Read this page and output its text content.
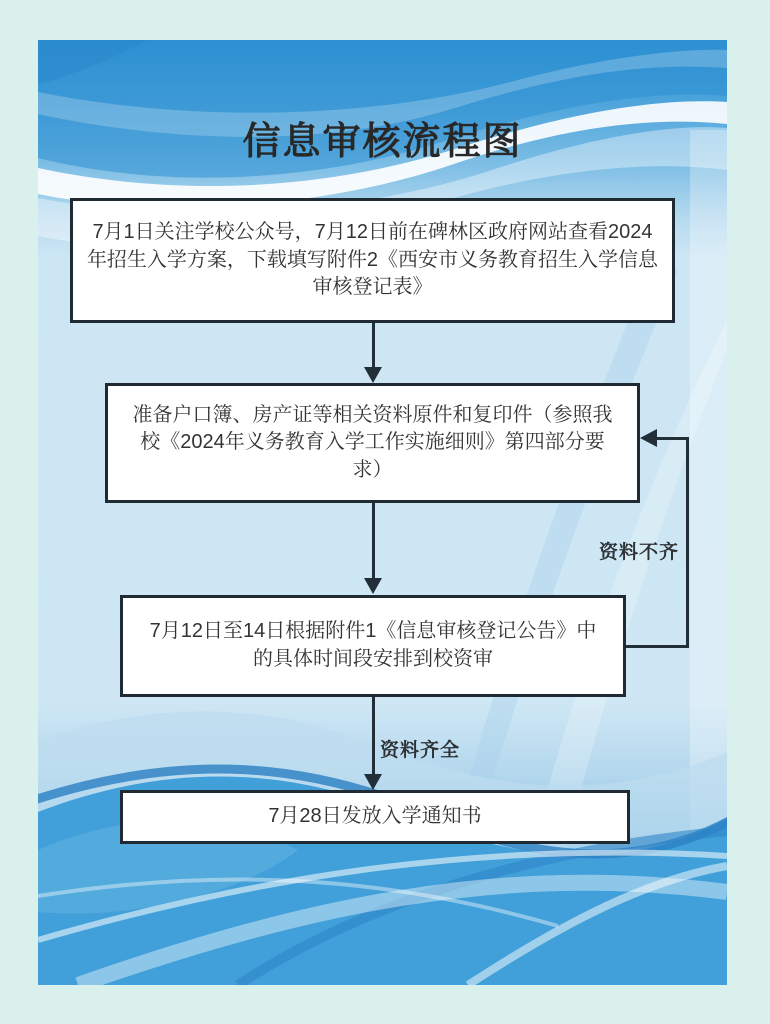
信息审核流程图
7月1日关注学校公众号，7月12日前在碑林区政府网站查看2024年招生入学方案，下载填写附件2《西安市义务教育招生入学信息审核登记表》
准备户口簿、房产证等相关资料原件和复印件（参照我校《2024年义务教育入学工作实施细则》第四部分要求）
7月12日至14日根据附件1《信息审核登记公告》中的具体时间段安排到校资审
7月28日发放入学通知书
资料不齐
资料齐全
